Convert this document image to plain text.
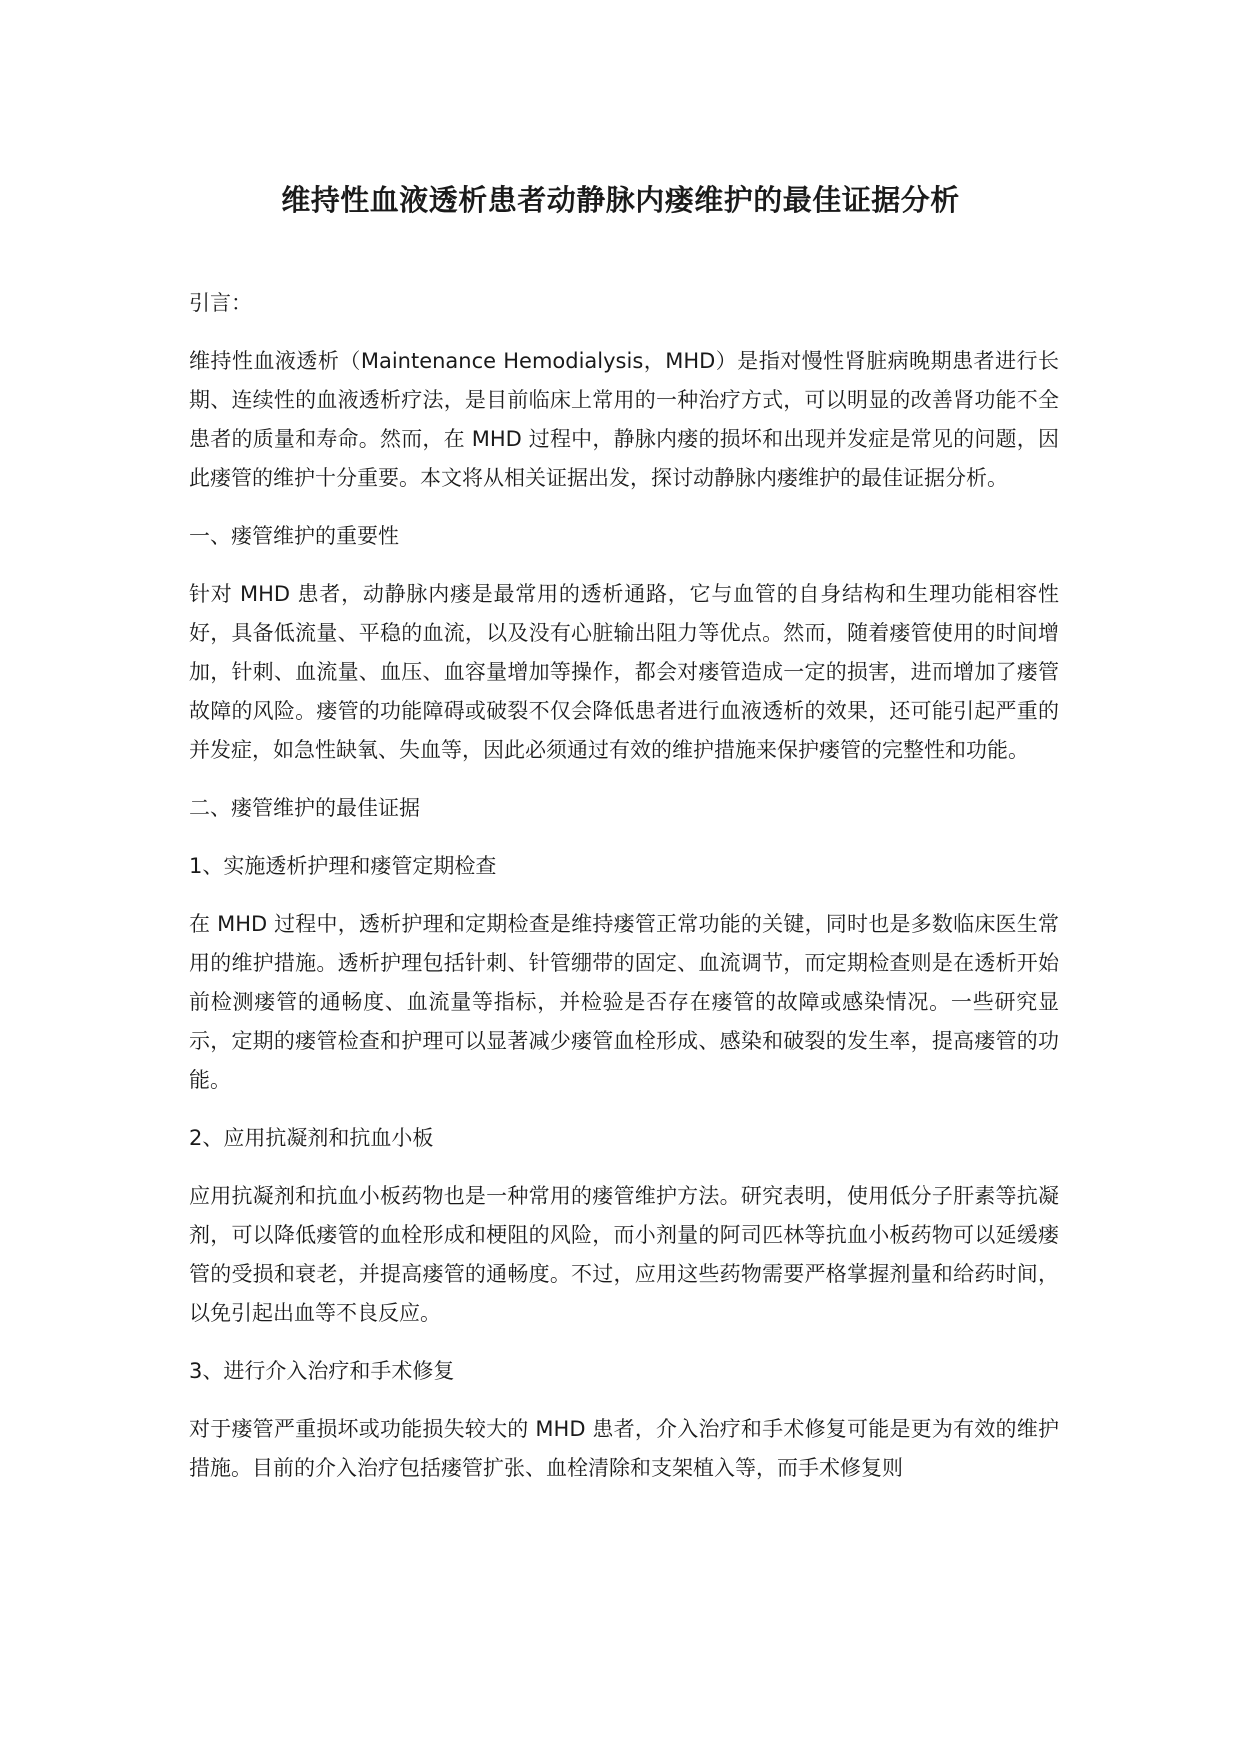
维持性血液透析患者动静脉内瘘维护的最佳证据分析

引言：

维持性血液透析（Maintenance Hemodialysis，MHD）是指对慢性肾脏病晚期患者进行长期、连续性的血液透析疗法，是目前临床上常用的一种治疗方式，可以明显的改善肾功能不全患者的质量和寿命。然而，在 MHD 过程中，静脉内瘘的损坏和出现并发症是常见的问题，因此瘘管的维护十分重要。本文将从相关证据出发，探讨动静脉内瘘维护的最佳证据分析。

一、瘘管维护的重要性

针对 MHD 患者，动静脉内瘘是最常用的透析通路，它与血管的自身结构和生理功能相容性好，具备低流量、平稳的血流，以及没有心脏输出阻力等优点。然而，随着瘘管使用的时间增加，针刺、血流量、血压、血容量增加等操作，都会对瘘管造成一定的损害，进而增加了瘘管故障的风险。瘘管的功能障碍或破裂不仅会降低患者进行血液透析的效果，还可能引起严重的并发症，如急性缺氧、失血等，因此必须通过有效的维护措施来保护瘘管的完整性和功能。

二、瘘管维护的最佳证据

1、实施透析护理和瘘管定期检查

在 MHD 过程中，透析护理和定期检查是维持瘘管正常功能的关键，同时也是多数临床医生常用的维护措施。透析护理包括针刺、针管绷带的固定、血流调节，而定期检查则是在透析开始前检测瘘管的通畅度、血流量等指标，并检验是否存在瘘管的故障或感染情况。一些研究显示，定期的瘘管检查和护理可以显著减少瘘管血栓形成、感染和破裂的发生率，提高瘘管的功能。

2、应用抗凝剂和抗血小板

应用抗凝剂和抗血小板药物也是一种常用的瘘管维护方法。研究表明，使用低分子肝素等抗凝剂，可以降低瘘管的血栓形成和梗阻的风险，而小剂量的阿司匹林等抗血小板药物可以延缓瘘管的受损和衰老，并提高瘘管的通畅度。不过，应用这些药物需要严格掌握剂量和给药时间，以免引起出血等不良反应。

3、进行介入治疗和手术修复

对于瘘管严重损坏或功能损失较大的 MHD 患者，介入治疗和手术修复可能是更为有效的维护措施。目前的介入治疗包括瘘管扩张、血栓清除和支架植入等，而手术修复则
